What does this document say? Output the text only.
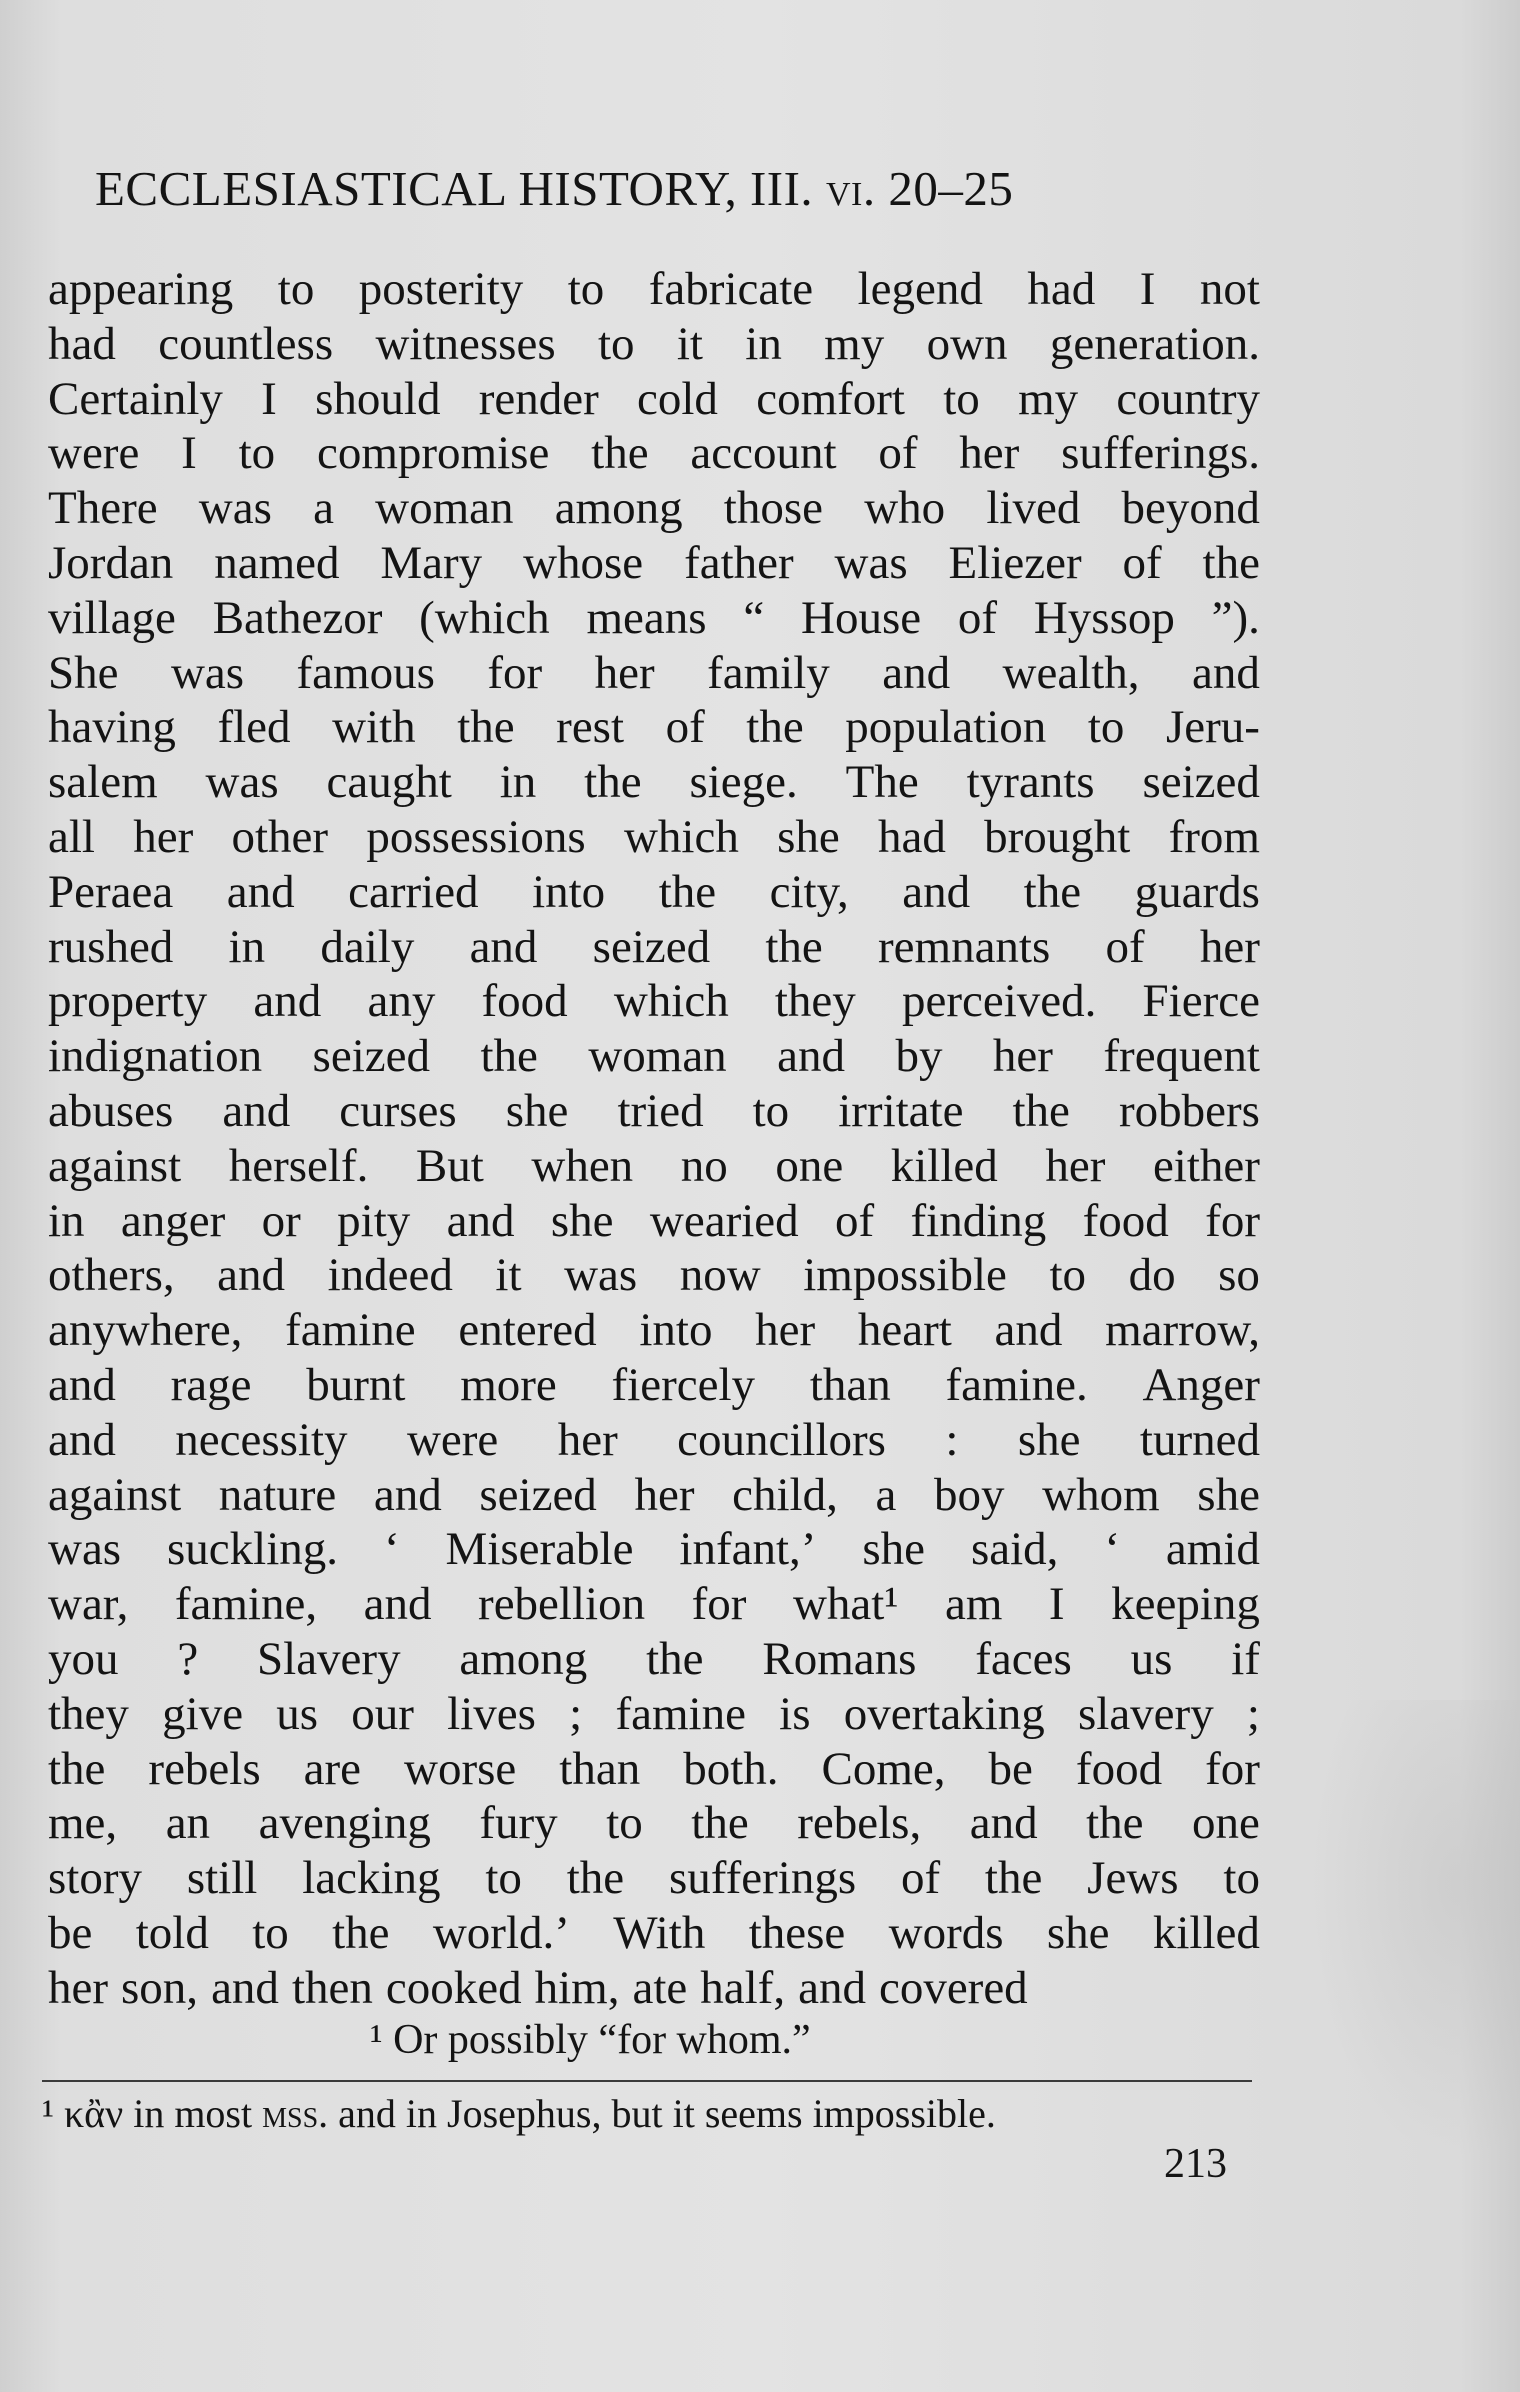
ECCLESIASTICAL HISTORY, III. vi. 20–25
appearing to posterity to fabricate legend had I not
had countless witnesses to it in my own generation.
Certainly I should render cold comfort to my country
were I to compromise the account of her sufferings.
There was a woman among those who lived beyond
Jordan named Mary whose father was Eliezer of the
village Bathezor (which means “ House of Hyssop ”).
She was famous for her family and wealth, and
having fled with the rest of the population to Jeru-
salem was caught in the siege. The tyrants seized
all her other possessions which she had brought from
Peraea and carried into the city, and the guards
rushed in daily and seized the remnants of her
property and any food which they perceived. Fierce
indignation seized the woman and by her frequent
abuses and curses she tried to irritate the robbers
against herself. But when no one killed her either
in anger or pity and she wearied of finding food for
others, and indeed it was now impossible to do so
anywhere, famine entered into her heart and marrow,
and rage burnt more fiercely than famine. Anger
and necessity were her councillors : she turned
against nature and seized her child, a boy whom she
was suckling. ‘ Miserable infant,’ she said, ‘ amid
war, famine, and rebellion for what¹ am I keeping
you ? Slavery among the Romans faces us if
they give us our lives ; famine is overtaking slavery ;
the rebels are worse than both. Come, be food for
me, an avenging fury to the rebels, and the one
story still lacking to the sufferings of the Jews to
be told to the world.’ With these words she killed
her son, and then cooked him, ate half, and covered
¹ Or possibly “for whom.”
¹ κἂν in most mss. and in Josephus, but it seems impossible.
213
